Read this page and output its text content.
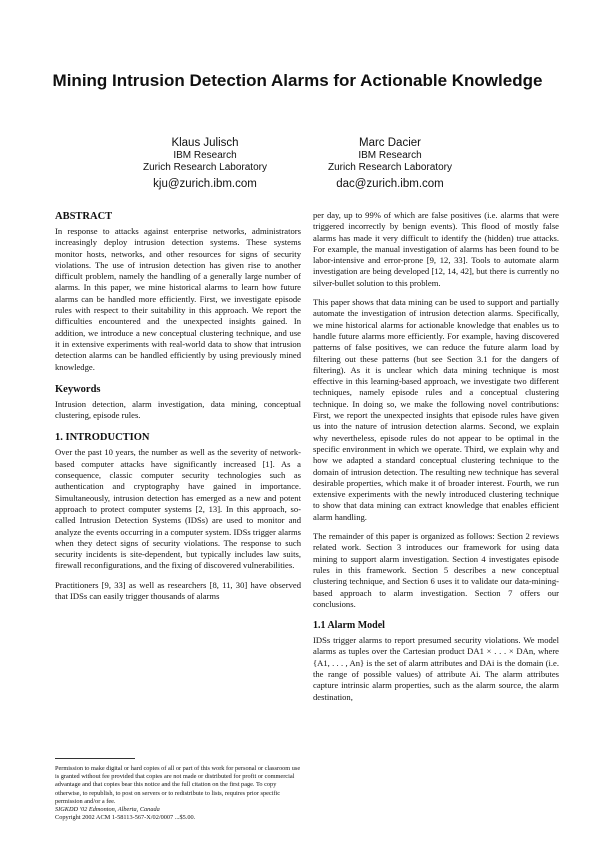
Mining Intrusion Detection Alarms for Actionable Knowledge
Klaus Julisch
IBM Research
Zurich Research Laboratory
kju@zurich.ibm.com
Marc Dacier
IBM Research
Zurich Research Laboratory
dac@zurich.ibm.com
ABSTRACT

In response to attacks against enterprise networks, administrators increasingly deploy intrusion detection systems. These systems monitor hosts, networks, and other resources for signs of security violations. The use of intrusion detection has given rise to another difficult problem, namely the handling of a generally large number of alarms. In this paper, we mine historical alarms to learn how future alarms can be handled more efficiently. First, we investigate episode rules with respect to their suitability in this approach. We report the difficulties encountered and the unexpected insights gained. In addition, we introduce a new conceptual clustering technique, and use it in extensive experiments with real-world data to show that intrusion detection alarms can be handled efficiently by using previously mined knowledge.

Keywords

Intrusion detection, alarm investigation, data mining, conceptual clustering, episode rules.

1. INTRODUCTION

Over the past 10 years, the number as well as the severity of network-based computer attacks have significantly increased [1]. As a consequence, classic computer security technologies such as authentication and cryptography have gained in importance. Simultaneously, intrusion detection has emerged as a new and potent approach to protect computer systems [2, 13]. In this approach, so-called Intrusion Detection Systems (IDSs) are used to monitor and analyze the events occurring in a computer system. IDSs trigger alarms when they detect signs of security violations. The response to such security incidents is site-dependent, but typically includes law suits, firewall reconfigurations, and the fixing of discovered vulnerabilities.

Practitioners [9, 33] as well as researchers [8, 11, 30] have observed that IDSs can easily trigger thousands of alarms

Permission to make digital or hard copies of all or part of this work for personal or classroom use is granted without fee provided that copies are not made or distributed for profit or commercial advantage and that copies bear this notice and the full citation on the first page. To copy otherwise, to republish, to post on servers or to redistribute to lists, requires prior specific permission and/or a fee.

SIGKDD '02 Edmonton, Alberta, Canada

Copyright 2002 ACM 1-58113-567-X/02/0007 ...$5.00.

per day, up to 99% of which are false positives (i.e. alarms that were triggered incorrectly by benign events). This flood of mostly false alarms has made it very difficult to identify the (hidden) true attacks. For example, the manual investigation of alarms has been found to be labor-intensive and error-prone [9, 12, 33]. Tools to automate alarm investigation are being developed [12, 14, 42], but there is currently no silver-bullet solution to this problem.

This paper shows that data mining can be used to support and partially automate the investigation of intrusion detection alarms. Specifically, we mine historical alarms for actionable knowledge that enables us to handle future alarms more efficiently. For example, having discovered patterns of false positives, we can reduce the future alarm load by filtering out these patterns (but see Section 3.1 for the dangers of filtering). As it is unclear which data mining technique is most effective in this learning-based approach, we investigate two different techniques, namely episode rules and a conceptual clustering technique. In doing so, we make the following novel contributions: First, we report the unexpected insights that episode rules have given us into the nature of intrusion detection alarms. Second, we explain why nevertheless, episode rules do not appear to be optimal in the specific environment in which we operate. Third, we explain why and how we adapted a standard conceptual clustering technique to the domain of intrusion detection. The resulting new technique has several desirable properties, which make it of broader interest. Fourth, we run extensive experiments with the newly introduced clustering technique to show that data mining can extract knowledge that enables efficient alarm handling.

The remainder of this paper is organized as follows: Section 2 reviews related work. Section 3 introduces our framework for using data mining to support alarm investigation. Section 4 investigates episode rules in this framework. Section 5 describes a new conceptual clustering technique, and Section 6 uses it to validate our data-mining-based approach to alarm investigation. Section 7 offers our conclusions.

1.1 Alarm Model

IDSs trigger alarms to report presumed security violations. We model alarms as tuples over the Cartesian product DA1 × . . . × DAn, where {A1, . . . , An} is the set of alarm attributes and DAi is the domain (i.e. the range of possible values) of attribute Ai. The alarm attributes capture intrinsic alarm properties, such as the alarm source, the alarm destination,
